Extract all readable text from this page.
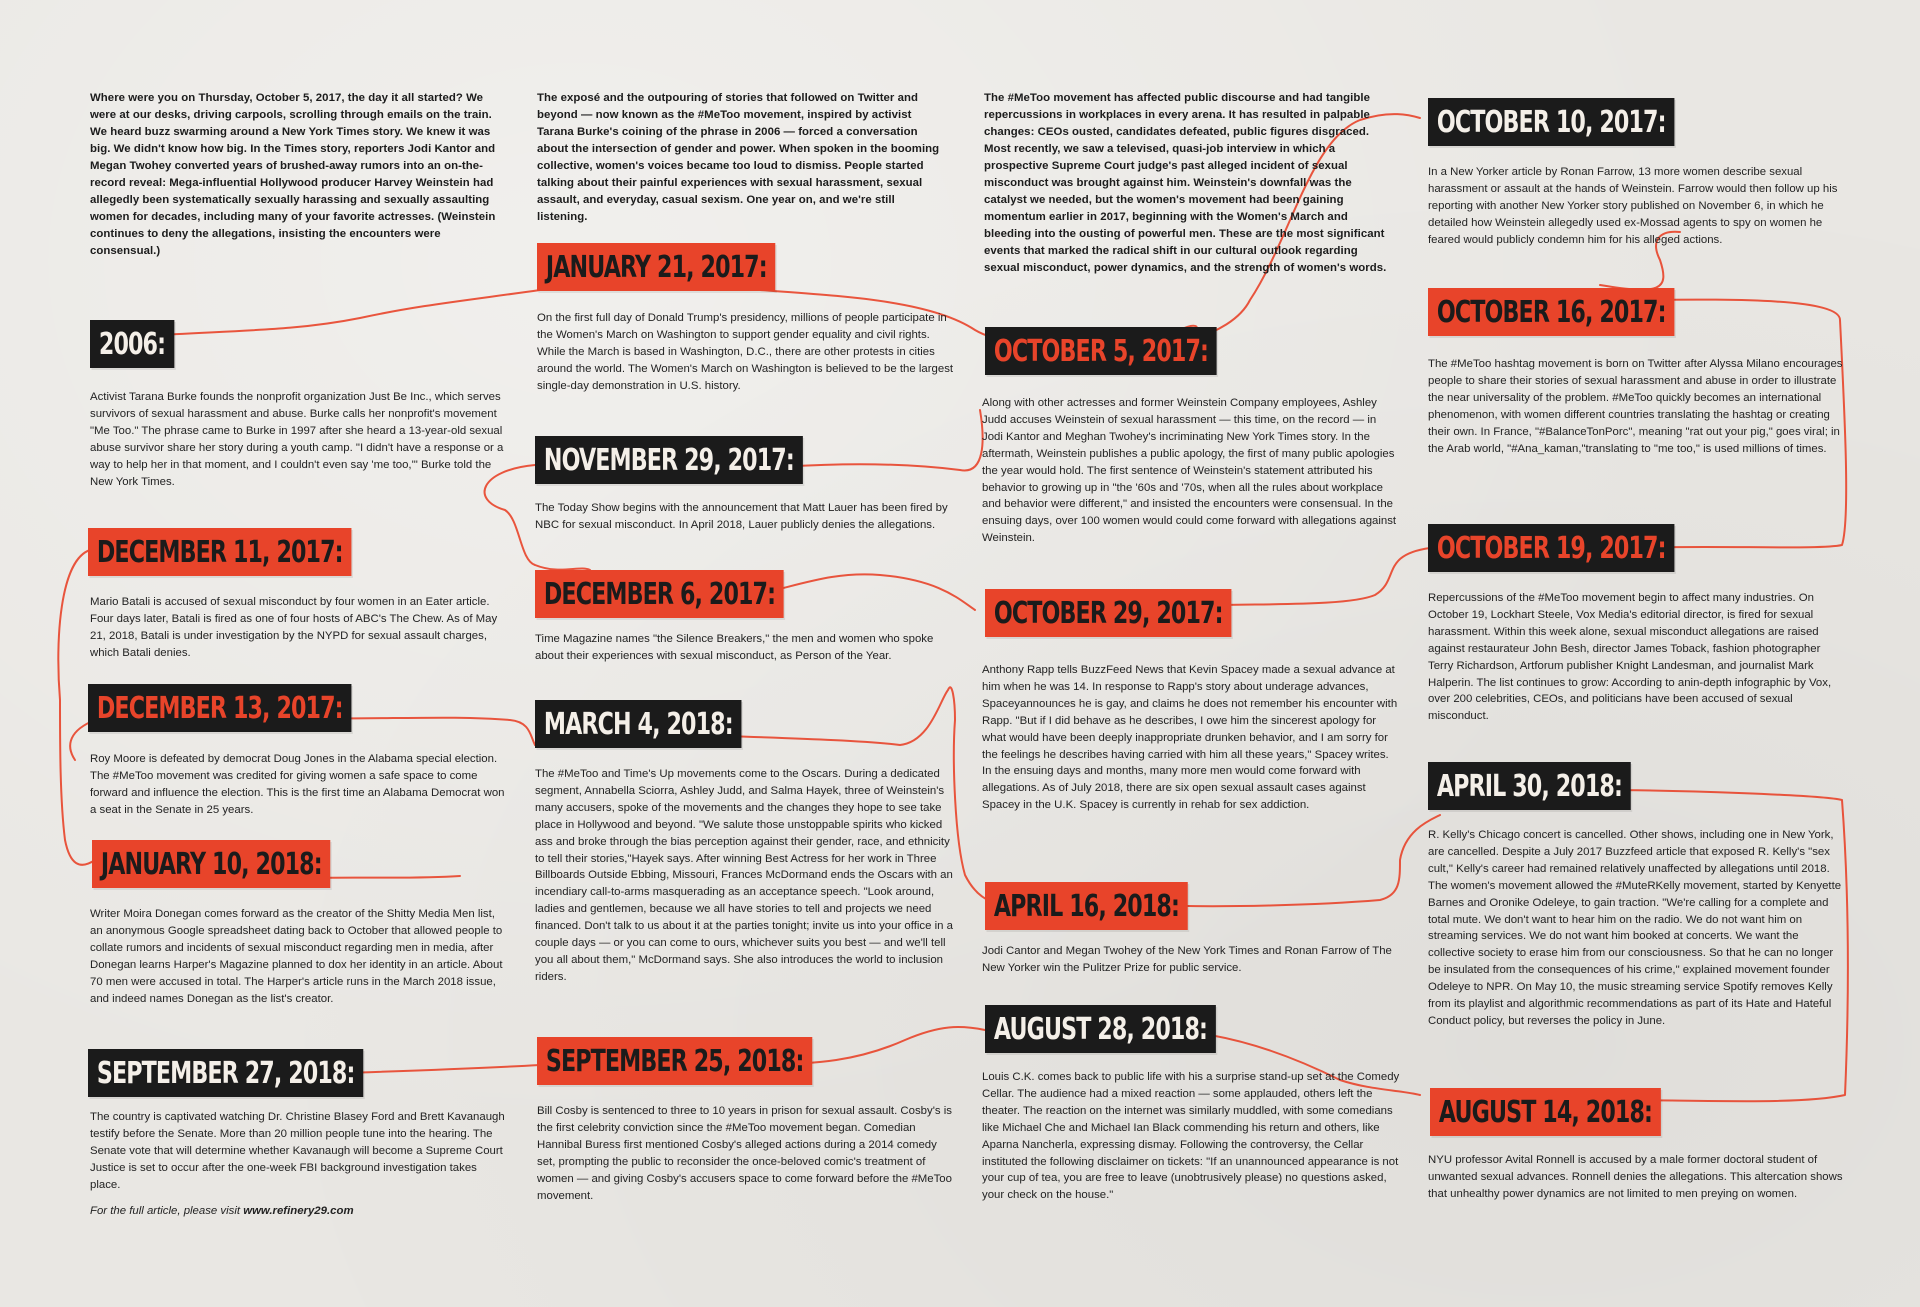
Where were you on Thursday, October 5, 2017, the day it all started? We were at our desks, driving carpools, scrolling through emails on the train. We heard buzz swarming around a New York Times story. We knew it was big. We didn't know how big. In the Times story, reporters Jodi Kantor and Megan Twohey converted years of brushed-away rumors into an on-the-record reveal: Mega-influential Hollywood producer Harvey Weinstein had allegedly been systematically sexually harassing and sexually assaulting women for decades, including many of your favorite actresses. (Weinstein continues to deny the allegations, insisting the encounters were consensual.)
The exposé and the outpouring of stories that followed on Twitter and beyond — now known as the #MeToo movement, inspired by activist Tarana Burke's coining of the phrase in 2006 — forced a conversation about the intersection of gender and power. When spoken in the booming collective, women's voices became too loud to dismiss. People started talking about their painful experiences with sexual harassment, sexual assault, and everyday, casual sexism. One year on, and we're still listening.
The #MeToo movement has affected public discourse and had tangible repercussions in workplaces in every arena. It has resulted in palpable changes: CEOs ousted, candidates defeated, public figures disgraced. Most recently, we saw a televised, quasi-job interview in which a prospective Supreme Court judge's past alleged incident of sexual misconduct was brought against him. Weinstein's downfall was the catalyst we needed, but the women's movement had been gaining momentum earlier in 2017, beginning with the Women's March and bleeding into the ousting of powerful men. These are the most significant events that marked the radical shift in our cultural outlook regarding sexual misconduct, power dynamics, and the strength of women's words.
2006:
Activist Tarana Burke founds the nonprofit organization Just Be Inc., which serves survivors of sexual harassment and abuse. Burke calls her nonprofit's movement "Me Too." The phrase came to Burke in 1997 after she heard a 13-year-old sexual abuse survivor share her story during a youth camp. "I didn't have a response or a way to help her in that moment, and I couldn't even say 'me too,'" Burke told the New York Times.
DECEMBER 11, 2017:
Mario Batali is accused of sexual misconduct by four women in an Eater article. Four days later, Batali is fired as one of four hosts of ABC's The Chew. As of May 21, 2018, Batali is under investigation by the NYPD for sexual assault charges, which Batali denies.
DECEMBER 13, 2017:
Roy Moore is defeated by democrat Doug Jones in the Alabama special election. The #MeToo movement was credited for giving women a safe space to come forward and influence the election. This is the first time an Alabama Democrat won a seat in the Senate in 25 years.
JANUARY 10, 2018:
Writer Moira Donegan comes forward as the creator of the Shitty Media Men list, an anonymous Google spreadsheet dating back to October that allowed people to collate rumors and incidents of sexual misconduct regarding men in media, after Donegan learns Harper's Magazine planned to dox her identity in an article. About 70 men were accused in total. The Harper's article runs in the March 2018 issue, and indeed names Donegan as the list's creator.
SEPTEMBER 27, 2018:
The country is captivated watching Dr. Christine Blasey Ford and Brett Kavanaugh testify before the Senate. More than 20 million people tune into the hearing. The Senate vote that will determine whether Kavanaugh will become a Supreme Court Justice is set to occur after the one-week FBI background investigation takes place.
For the full article, please visit www.refinery29.com
JANUARY 21, 2017:
On the first full day of Donald Trump's presidency, millions of people participate in the Women's March on Washington to support gender equality and civil rights. While the March is based in Washington, D.C., there are other protests in cities around the world. The Women's March on Washington is believed to be the largest single-day demonstration in U.S. history.
NOVEMBER 29, 2017:
The Today Show begins with the announcement that Matt Lauer has been fired by NBC for sexual misconduct. In April 2018, Lauer publicly denies the allegations.
DECEMBER 6, 2017:
Time Magazine names "the Silence Breakers," the men and women who spoke about their experiences with sexual misconduct, as Person of the Year.
MARCH 4, 2018:
The #MeToo and Time's Up movements come to the Oscars. During a dedicated segment, Annabella Sciorra, Ashley Judd, and Salma Hayek, three of Weinstein's many accusers, spoke of the movements and the changes they hope to see take place in Hollywood and beyond. "We salute those unstoppable spirits who kicked ass and broke through the bias perception against their gender, race, and ethnicity to tell their stories,"Hayek says. After winning Best Actress for her work in Three Billboards Outside Ebbing, Missouri, Frances McDormand ends the Oscars with an incendiary call-to-arms masquerading as an acceptance speech. "Look around, ladies and gentlemen, because we all have stories to tell and projects we need financed. Don't talk to us about it at the parties tonight; invite us into your office in a couple days — or you can come to ours, whichever suits you best — and we'll tell you all about them," McDormand says. She also introduces the world to inclusion riders.
SEPTEMBER 25, 2018:
Bill Cosby is sentenced to three to 10 years in prison for sexual assault. Cosby's is the first celebrity conviction since the #MeToo movement began. Comedian Hannibal Buress first mentioned Cosby's alleged actions during a 2014 comedy set, prompting the public to reconsider the once-beloved comic's treatment of women — and giving Cosby's accusers space to come forward before the #MeToo movement.
OCTOBER 5, 2017:
Along with other actresses and former Weinstein Company employees, Ashley Judd accuses Weinstein of sexual harassment — this time, on the record — in Jodi Kantor and Meghan Twohey's incriminating New York Times story. In the aftermath, Weinstein publishes a public apology, the first of many public apologies the year would hold. The first sentence of Weinstein's statement attributed his behavior to growing up in "the '60s and '70s, when all the rules about workplace and behavior were different," and insisted the encounters were consensual. In the ensuing days, over 100 women would could come forward with allegations against Weinstein.
OCTOBER 29, 2017:
Anthony Rapp tells BuzzFeed News that Kevin Spacey made a sexual advance at him when he was 14. In response to Rapp's story about underage advances, Spaceyannounces he is gay, and claims he does not remember his encounter with Rapp. "But if I did behave as he describes, I owe him the sincerest apology for what would have been deeply inappropriate drunken behavior, and I am sorry for the feelings he describes having carried with him all these years," Spacey writes. In the ensuing days and months, many more men would come forward with allegations. As of July 2018, there are six open sexual assault cases against Spacey in the U.K. Spacey is currently in rehab for sex addiction.
APRIL 16, 2018:
Jodi Cantor and Megan Twohey of the New York Times and Ronan Farrow of The New Yorker win the Pulitzer Prize for public service.
AUGUST 28, 2018:
Louis C.K. comes back to public life with his a surprise stand-up set at the Comedy Cellar. The audience had a mixed reaction — some applauded, others left the theater. The reaction on the internet was similarly muddled, with some comedians like Michael Che and Michael Ian Black commending his return and others, like Aparna Nancherla, expressing dismay. Following the controversy, the Cellar instituted the following disclaimer on tickets: "If an unannounced appearance is not your cup of tea, you are free to leave (unobtrusively please) no questions asked, your check on the house."
OCTOBER 10, 2017:
In a New Yorker article by Ronan Farrow, 13 more women describe sexual harassment or assault at the hands of Weinstein. Farrow would then follow up his reporting with another New Yorker story published on November 6, in which he detailed how Weinstein allegedly used ex-Mossad agents to spy on women he feared would publicly condemn him for his alleged actions.
OCTOBER 16, 2017:
The #MeToo hashtag movement is born on Twitter after Alyssa Milano encourages people to share their stories of sexual harassment and abuse in order to illustrate the near universality of the problem. #MeToo quickly becomes an international phenomenon, with women different countries translating the hashtag or creating their own. In France, "#BalanceTonPorc", meaning "rat out your pig," goes viral; in the Arab world, "#Ana_kaman,"translating to "me too," is used millions of times.
OCTOBER 19, 2017:
Repercussions of the #MeToo movement begin to affect many industries. On October 19, Lockhart Steele, Vox Media's editorial director, is fired for sexual harassment. Within this week alone, sexual misconduct allegations are raised against restaurateur John Besh, director James Toback, fashion photographer Terry Richardson, Artforum publisher Knight Landesman, and journalist Mark Halperin. The list continues to grow: According to anin-depth infographic by Vox, over 200 celebrities, CEOs, and politicians have been accused of sexual misconduct.
APRIL 30, 2018:
R. Kelly's Chicago concert is cancelled. Other shows, including one in New York, are cancelled. Despite a July 2017 Buzzfeed article that exposed R. Kelly's "sex cult," Kelly's career had remained relatively unaffected by allegations until 2018. The women's movement allowed the #MuteRKelly movement, started by Kenyette Barnes and Oronike Odeleye, to gain traction. "We're calling for a complete and total mute. We don't want to hear him on the radio. We do not want him on streaming services. We do not want him booked at concerts. We want the collective society to erase him from our consciousness. So that he can no longer be insulated from the consequences of his crime," explained movement founder Odeleye to NPR. On May 10, the music streaming service Spotify removes Kelly from its playlist and algorithmic recommendations as part of its Hate and Hateful Conduct policy, but reverses the policy in June.
AUGUST 14, 2018:
NYU professor Avital Ronnell is accused by a male former doctoral student of unwanted sexual advances. Ronnell denies the allegations. This altercation shows that unhealthy power dynamics are not limited to men preying on women.
